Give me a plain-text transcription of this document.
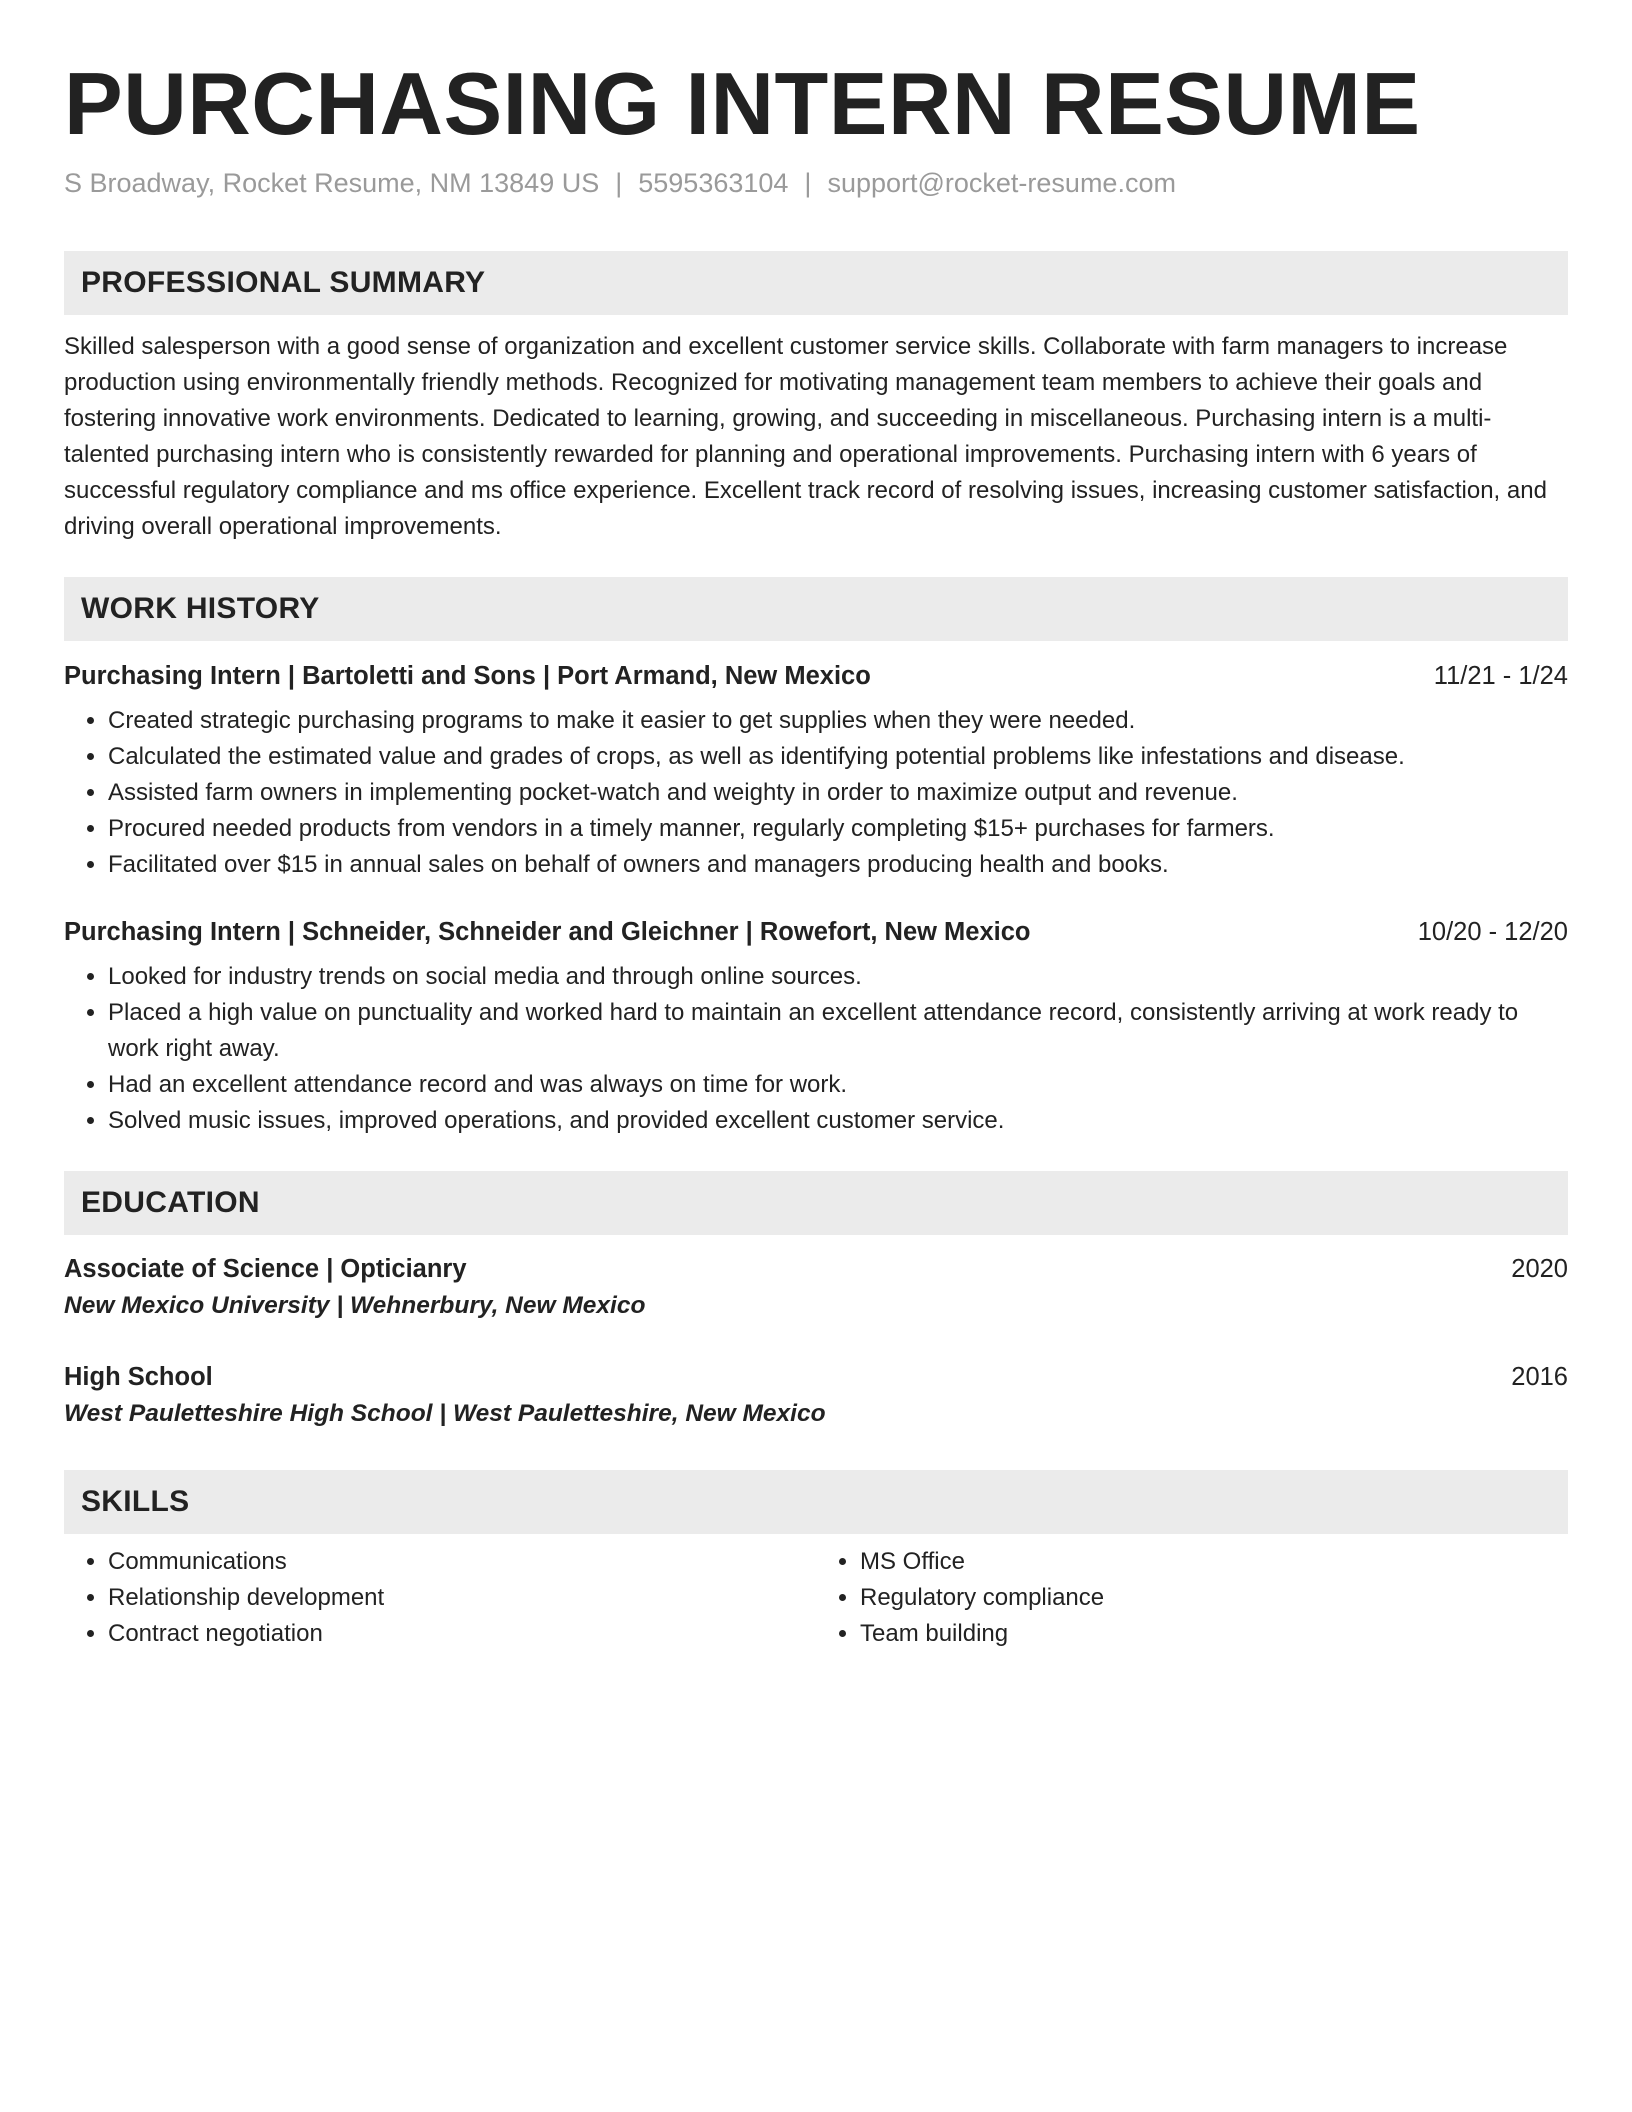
PURCHASING INTERN RESUME
S Broadway, Rocket Resume, NM 13849 US | 5595363104 | support@rocket-resume.com
PROFESSIONAL SUMMARY
Skilled salesperson with a good sense of organization and excellent customer service skills. Collaborate with farm managers to increase production using environmentally friendly methods. Recognized for motivating management team members to achieve their goals and fostering innovative work environments. Dedicated to learning, growing, and succeeding in miscellaneous. Purchasing intern is a multi-talented purchasing intern who is consistently rewarded for planning and operational improvements. Purchasing intern with 6 years of successful regulatory compliance and ms office experience. Excellent track record of resolving issues, increasing customer satisfaction, and driving overall operational improvements.
WORK HISTORY
Purchasing Intern | Bartoletti and Sons | Port Armand, New Mexico	11/21 - 1/24
• Created strategic purchasing programs to make it easier to get supplies when they were needed.
• Calculated the estimated value and grades of crops, as well as identifying potential problems like infestations and disease.
• Assisted farm owners in implementing pocket-watch and weighty in order to maximize output and revenue.
• Procured needed products from vendors in a timely manner, regularly completing $15+ purchases for farmers.
• Facilitated over $15 in annual sales on behalf of owners and managers producing health and books.
Purchasing Intern | Schneider, Schneider and Gleichner | Rowefort, New Mexico	10/20 - 12/20
• Looked for industry trends on social media and through online sources.
• Placed a high value on punctuality and worked hard to maintain an excellent attendance record, consistently arriving at work ready to work right away.
• Had an excellent attendance record and was always on time for work.
• Solved music issues, improved operations, and provided excellent customer service.
EDUCATION
Associate of Science | Opticianry	2020
New Mexico University | Wehnerbury, New Mexico
High School	2016
West Pauletteshire High School | West Pauletteshire, New Mexico
SKILLS
• Communications
• Relationship development
• Contract negotiation
• MS Office
• Regulatory compliance
• Team building
